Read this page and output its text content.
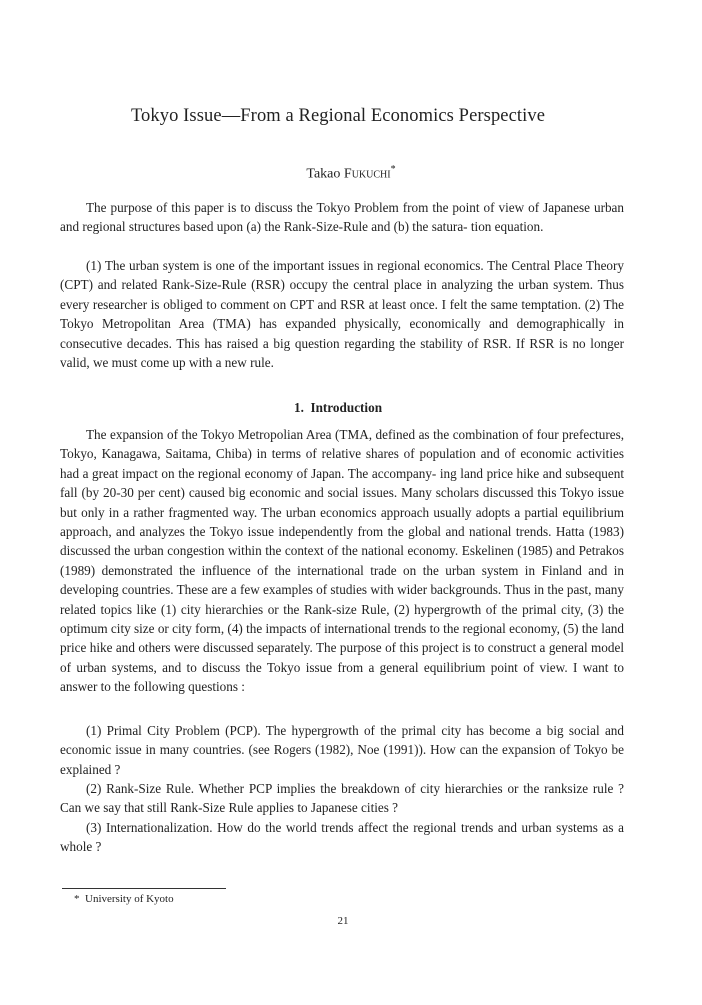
Tokyo Issue—From a Regional Economics Perspective
Takao Fukuchi*

The purpose of this paper is to discuss the Tokyo Problem from the point of view of Japanese urban and regional structures based upon (a) the Rank-Size-Rule and (b) the satura- tion equation.

(1) The urban system is one of the important issues in regional economics. The Central Place Theory (CPT) and related Rank-Size-Rule (RSR) occupy the central place in analyzing the urban system. Thus every researcher is obliged to comment on CPT and RSR at least once. I felt the same temptation. (2) The Tokyo Metropolitan Area (TMA) has expanded physically, economically and demographically in consecutive decades. This has raised a big question regarding the stability of RSR. If RSR is no longer valid, we must come up with a new rule.

1. Introduction

The expansion of the Tokyo Metropolian Area (TMA, defined as the combination of four prefectures, Tokyo, Kanagawa, Saitama, Chiba) in terms of relative shares of population and of economic activities had a great impact on the regional economy of Japan. The accompany- ing land price hike and subsequent fall (by 20-30 per cent) caused big economic and social issues. Many scholars discussed this Tokyo issue but only in a rather fragmented way. The urban economics approach usually adopts a partial equilibrium approach, and analyzes the Tokyo issue independently from the global and national trends. Hatta (1983) discussed the urban congestion within the context of the national economy. Eskelinen (1985) and Petrakos (1989) demonstrated the influence of the international trade on the urban system in Finland and in developing countries. These are a few examples of studies with wider backgrounds. Thus in the past, many related topics like (1) city hierarchies or the Rank-size Rule, (2) hypergrowth of the primal city, (3) the optimum city size or city form, (4) the impacts of international trends to the regional economy, (5) the land price hike and others were discussed separately. The purpose of this project is to construct a general model of urban systems, and to discuss the Tokyo issue from a general equilibrium point of view. I want to answer to the following questions :

(1) Primal City Problem (PCP). The hypergrowth of the primal city has become a big social and economic issue in many countries. (see Rogers (1982), Noe (1991)). How can the expansion of Tokyo be explained ?

(2) Rank-Size Rule. Whether PCP implies the breakdown of city hierarchies or the ranksize rule ? Can we say that still Rank-Size Rule applies to Japanese cities ?

(3) Internationalization. How do the world trends affect the regional trends and urban systems as a whole ?

* University of Kyoto
21
